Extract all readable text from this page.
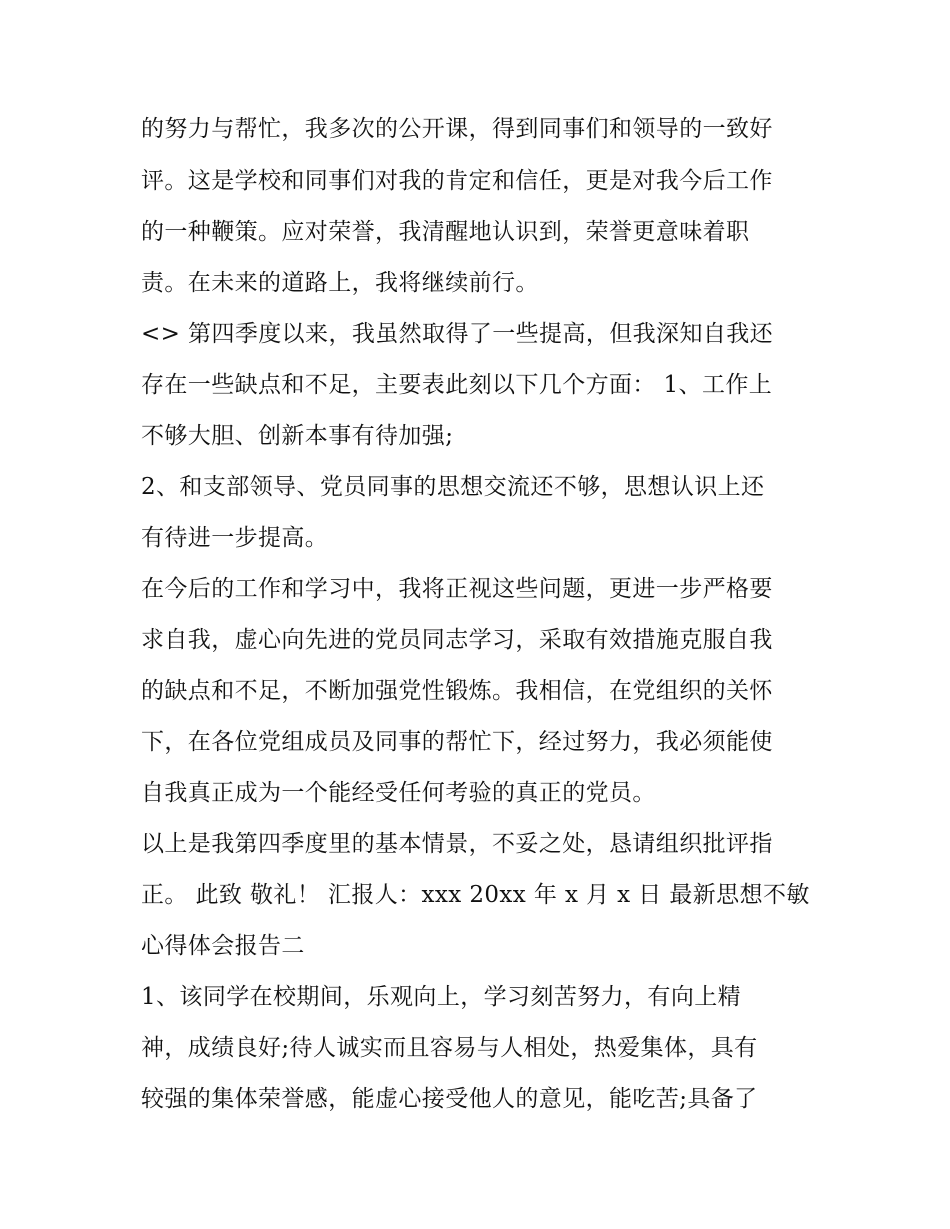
的努力与帮忙，我多次的公开课，得到同事们和领导的一致好
评。这是学校和同事们对我的肯定和信任，更是对我今后工作
的一种鞭策。应对荣誉，我清醒地认识到，荣誉更意味着职
责。在未来的道路上，我将继续前行。
<> 第四季度以来，我虽然取得了一些提高，但我深知自我还
存在一些缺点和不足，主要表此刻以下几个方面： 1、工作上
不够大胆、创新本事有待加强;
2、和支部领导、党员同事的思想交流还不够，思想认识上还
有待进一步提高。
在今后的工作和学习中，我将正视这些问题，更进一步严格要
求自我，虚心向先进的党员同志学习，采取有效措施克服自我
的缺点和不足，不断加强党性锻炼。我相信，在党组织的关怀
下，在各位党组成员及同事的帮忙下，经过努力，我必须能使
自我真正成为一个能经受任何考验的真正的党员。
以上是我第四季度里的基本情景，不妥之处，恳请组织批评指
正。 此致 敬礼！ 汇报人：xxx 20xx 年 x 月 x 日 最新思想不敏
心得体会报告二
1、该同学在校期间，乐观向上，学习刻苦努力，有向上精
神，成绩良好;待人诚实而且容易与人相处，热爱集体，具有
较强的集体荣誉感，能虚心接受他人的意见，能吃苦;具备了
